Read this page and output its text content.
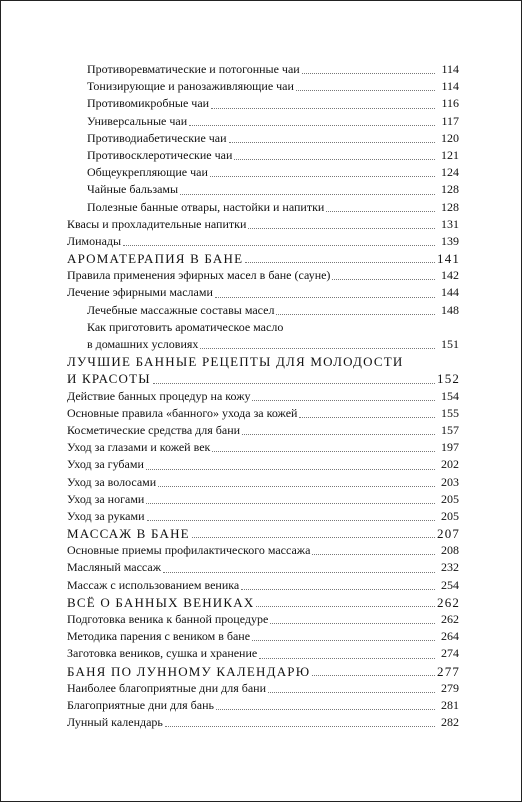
Противоревматические и потогонные чаи	114
Тонизирующие и ранозаживляющие чаи	114
Противомикробные чаи	116
Универсальные чаи	117
Противодиабетические чаи	120
Противосклеротические чаи	121
Общеукрепляющие чаи	124
Чайные бальзамы	128
Полезные банные отвары, настойки и напитки	128
Квасы и прохладительные напитки	131
Лимонады	139
АРОМАТЕРАПИЯ В БАНЕ	141
Правила применения эфирных масел в бане (сауне)	142
Лечение эфирными маслами	144
Лечебные массажные составы масел	148
Как приготовить ароматическое масло
в домашних условиях	151
ЛУЧШИЕ БАННЫЕ РЕЦЕПТЫ ДЛЯ МОЛОДОСТИ
И КРАСОТЫ	152
Действие банных процедур на кожу	154
Основные правила «банного» ухода за кожей	155
Косметические средства для бани	157
Уход за глазами и кожей век	197
Уход за губами	202
Уход за волосами	203
Уход за ногами	205
Уход за руками	205
МАССАЖ В БАНЕ	207
Основные приемы профилактического массажа	208
Масляный массаж	232
Массаж с использованием веника	254
ВСЁ О БАННЫХ ВЕНИКАХ	262
Подготовка веника к банной процедуре	262
Методика парения с веником в бане	264
Заготовка веников, сушка и хранение	274
БАНЯ ПО ЛУННОМУ КАЛЕНДАРЮ	277
Наиболее благоприятные дни для бани	279
Благоприятные дни для бань	281
Лунный календарь	282
